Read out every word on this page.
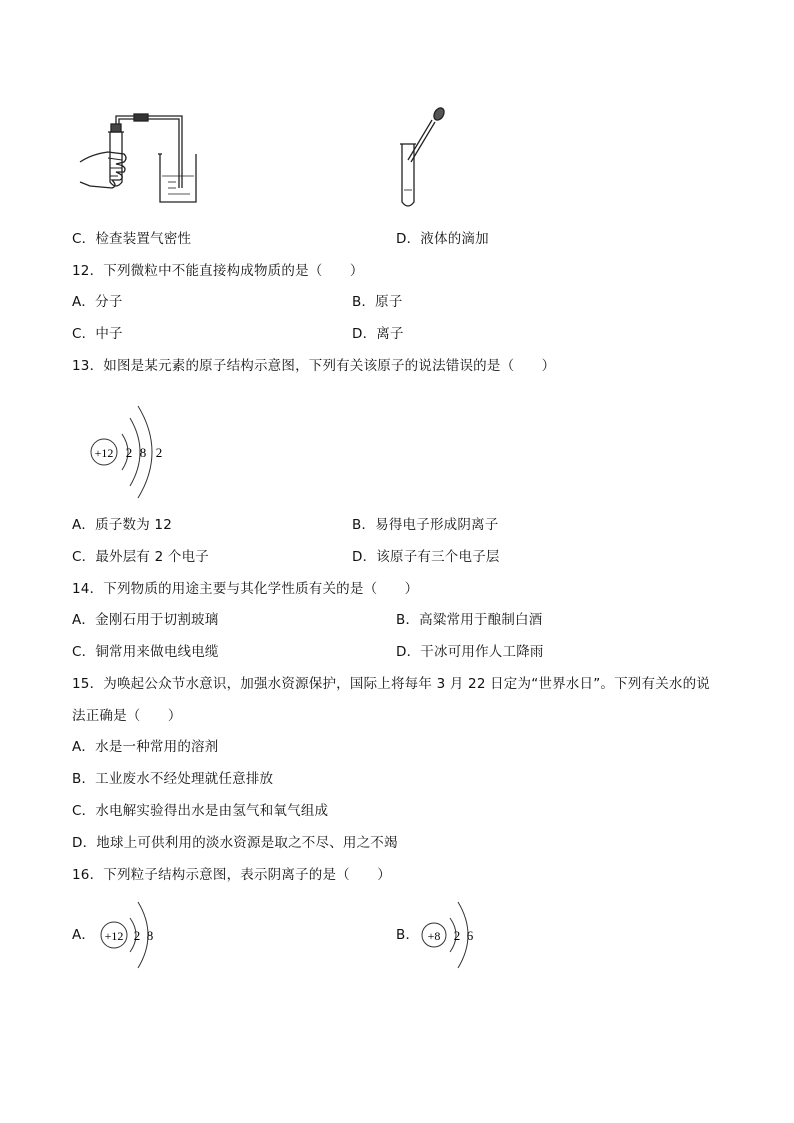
C．检查装置气密性	D．液体的滴加
12．下列微粒中不能直接构成物质的是（　　）
A．分子	B．原子
C．中子	D．离子
13．如图是某元素的原子结构示意图，下列有关该原子的说法错误的是（　　）
+12 2 8 2
A．质子数为 12	B．易得电子形成阴离子
C．最外层有 2 个电子	D．该原子有三个电子层
14．下列物质的用途主要与其化学性质有关的是（　　）
A．金刚石用于切割玻璃	B．高粱常用于酿制白酒
C．铜常用来做电线电缆	D．干冰可用作人工降雨
15．为唤起公众节水意识，加强水资源保护，国际上将每年 3 月 22 日定为“世界水日”。下列有关水的说
法正确是（　　）
A．水是一种常用的溶剂
B．工业废水不经处理就任意排放
C．水电解实验得出水是由氢气和氧气组成
D．地球上可供利用的淡水资源是取之不尽、用之不竭
16．下列粒子结构示意图，表示阴离子的是（　　）
A． +12 2 8	B． +8 2 6
